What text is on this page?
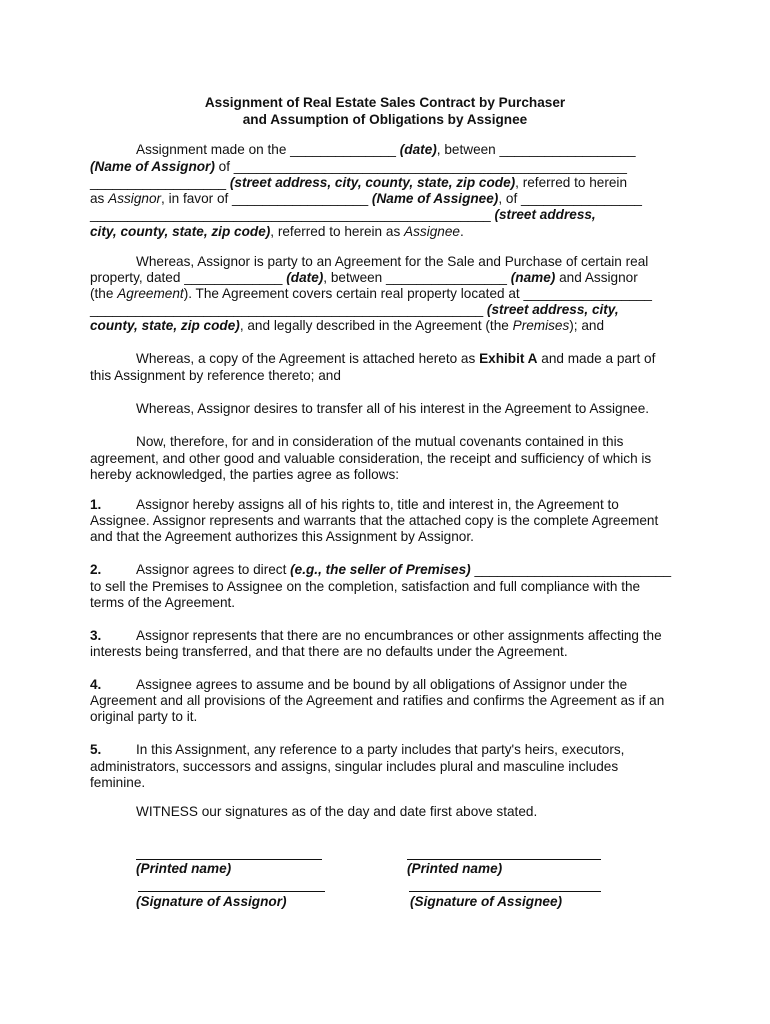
Assignment of Real Estate Sales Contract by Purchaser
and Assumption of Obligations by Assignee
Assignment made on the ______________ (date), between __________________
(Name of Assignor) of ____________________________________________________
__________________ (street address, city, county, state, zip code), referred to herein
as Assignor, in favor of __________________ (Name of Assignee), of ________________
_____________________________________________________ (street address,
city, county, state, zip code), referred to herein as Assignee.
Whereas, Assignor is party to an Agreement for the Sale and Purchase of certain real
property, dated _____________ (date), between ________________ (name) and Assignor
(the Agreement). The Agreement covers certain real property located at _________________
____________________________________________________ (street address, city,
county, state, zip code), and legally described in the Agreement (the Premises); and
Whereas, a copy of the Agreement is attached hereto as Exhibit A and made a part of
this Assignment by reference thereto; and
Whereas, Assignor desires to transfer all of his interest in the Agreement to Assignee.
Now, therefore, for and in consideration of the mutual covenants contained in this
agreement, and other good and valuable consideration, the receipt and sufficiency of which is
hereby acknowledged, the parties agree as follows:
1.	Assignor hereby assigns all of his rights to, title and interest in, the Agreement to
Assignee. Assignor represents and warrants that the attached copy is the complete Agreement
and that the Agreement authorizes this Assignment by Assignor.
2.	Assignor agrees to direct (e.g., the seller of Premises) __________________________
to sell the Premises to Assignee on the completion, satisfaction and full compliance with the
terms of the Agreement.
3.	Assignor represents that there are no encumbrances or other assignments affecting the
interests being transferred, and that there are no defaults under the Agreement.
4.	Assignee agrees to assume and be bound by all obligations of Assignor under the
Agreement and all provisions of the Agreement and ratifies and confirms the Agreement as if an
original party to it.
5.	In this Assignment, any reference to a party includes that party's heirs, executors,
administrators, successors and assigns, singular includes plural and masculine includes
feminine.
WITNESS our signatures as of the day and date first above stated.
(Printed name)	(Printed name)
(Signature of Assignor)	(Signature of Assignee)
